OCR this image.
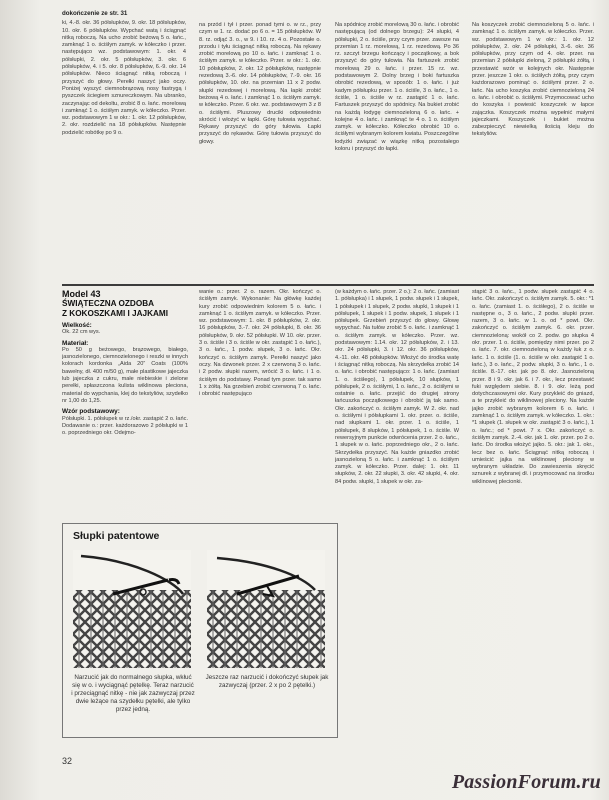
dokończenie ze str. 31

ki, 4.-8. okr. 36 półsłupków, 9. okr. 18 półsłupków, 10. okr. 6 półsłupków. Wypchać watą i ściągnąć nitką roboczą. Na ucho zrobić beżową 5 o. łańc., zamknąć 1 o. ściśłym zamyk. w kółeczko i przer. następująco wz. podstawowym: 1. okr. 4 półsłupki, 2. okr. 5 półsłupków, 3. okr. 6 półsłupków, 4. i 5. okr. 8 półsłupków, 6.-9. okr. 14 półsłupków. Nieco ściągnąć nitką roboczą i przyszyć do głowy. Perełki naszyć jako oczy. Poniżej wyszyć ciemnobrązową nosy fastrygą i pyszczek ściegiem sznureczkowym. Na ubranko, zaczynając od dekoltu, zrobić 8 o. łańc. morelową i zamknąć 1 o. ściśłym zamyk. w kółeczko. Przer. wz. podstawowym 1 w okr.: 1. okr. 12 półsłupków, 2. okr. rozdzielić na 18 półsłupków. Następnie podzielić robótkę po 9 o.

na przód i tył i przer. ponad tymi o. w rz., przy czym w 1. rz. dodać po 6 o. = 15 półsłupków. W 8. rz. odjąć 3. o., w 9. i 10. rz. 4 o. Pozostałe o. przodu i tyłu ściągnąć nitką roboczą. Na rękawy zrobić morelową po 10 o. łańc. i zamknąć 1 o. ściśłym zamyk. w kółeczko. Przer. w okr.: 1. okr. 10 półsłupków, 2. okr. 12 półsłupków, następnie rezedową 3.-6. okr. 14 półsłupków, 7.-9. okr. 16 półsłupków, 10. okr. na przemian 11 x 2 podw. słupki rezedowej i morelową. Na łapki zrobić beżową 4 o. łańc. i zamknąć 1 o. ściśłym zamyk. w kółeczko. Przer. 6 okr. wz. podstawowym 3 z 8 o. ściśłymi. Pluszowy druciki odpowiednio skrócić i włożyć w łapki. Górę tułowia wypchać. Rękawy przyszyć do góry tułowia. Łapki przyszyć do rękawów. Górę tułowia przyszyć do głowy.

Na spódnicę zrobić morelową 30 o. łańc. i obrobić następującą (od dolnego brzegu): 24 słupki, 4 półsłupki, 2 o. ściśle, przy czym przer. zawsze na przemian 1 rz. morelową, 1 rz. rezedową. Po 36 rz. szczyt brzegu kończący i początkowy, a bok przyszyć do góry tułowia. Na fartuszek zrobić morelową 29 o. łańc. i przer. 15 rz. wz. podstawowym 2. Dolny brzeg i boki fartuszka obrobić rezedową, w sposób: 1 o. łańc. i już kadym półsłupku przer. 1 o. ściśle, 3 o. łańc., 1 o. ściśle, 1 o. ściśle w rz. zastąpić 1 o. łańc. Fartuszek przyszyć do spódnicy. Na bukiet zrobić na każdą łodygę ciemnozieloną 6 o. łańc. + kolejne 4 o. łańc. i zamknąć te 4 o. 1 o. ściśłym zamyk. w kółeczko. Kółeczko obrobić 10 o. ściśłymi wybranym kolorem kwiatu. Poszczególne łodyżki związać w wiązkę nitką pozostałego koloru i przyszyć do łapki.

Na koszyczek zrobić ciemnozieloną 5 o. łańc. i zamknąć 1 o. ściśłym zamyk. w kółeczko. Przer. wz. podstawowym 1 w okr.: 1. okr. 12 półsłupków, 2. okr. 24 półsłupki, 3.-6. okr. 36 półsłupków, przy czym od 4. okr. przer. na przemian 2 półsłupki zieloną, 2 półsłupki żółtą, i przestawić wzór w kolejnych okr. Następnie przer. jeszcze 1 okr. o. ściśłych żółtą, przy czym każdorazowo pominąć o. ściśłymi przer. 2 o. łańc. Na ucho koszyka zrobić ciemnozieloną 24 o. łańc. i obrobić o. ściśłymi. Przymocować ucho do koszyka i powiesić koszyczek w łapce zajączka. Koszyczek można wypełnić małymi jajeczkami. Koszyczek i bukiet można zabezpieczyć niewielką ilością kleju do tekstyliów.

Model 43
ŚWIĄTECZNA OZDOBA
Z KOKOSZKAMI I JAJKAMI
Wielkość:

Ok. 22 cm wys.

Materiał:

Po 50 g beżowego, brązowego, białego, jasnozielonego, ciemnozielonego i reszki w innych kolorach kordonka „Aida 20” Coats (100% bawełny, dł. 400 m/50 g), małe plastikowe jajeczka lub jajeczka z cukru, małe niebieskie i zielone perełki, spłaszczona kulista wiklinowa pleciona, materiał do wypchania, klej do tekstyliów, szydełko nr 1,00 do 1,25.

Wzór podstawowy:

Półsłupki. 1. półsłupek w rz./okr. zastąpić 2 o. łańc. Dodawanie o.: przer. każdorazowo 2 półsłupki w 1 o. poprzedniego okr. Odejmo-

wanie o.: przer. 2 o. razem. Okr. kończyć o. ściśłym zamyk. Wykonanie: Na główkę każdej kury zrobić odpowiednim kolorem 5 o. łańc. i zamknąć 1 o. ściśłym zamyk. w kółeczko. Przer. wz. podstawowym: 1. okr. 8 półsłupków, 2. okr. 16 półsłupków, 3.-7. okr. 24 półsłupki, 8. okr. 36 półsłupków, 9. okr. 52 półsłupki. W 10. okr. przer. 3 o. ściśle i 3 o. ściśle w okr. zastąpić 1 o. łańc.), 3 o. łańc., 1 podw. słupek, 3 o. łańc. Okr. kończyć o. ściśłym zamyk. Perełki naszyć jako oczy. Na dzwonek przer. 2 x czerwoną 3 o. łańc. i 2 podw. słupki razem, wrócić 3 o. łańc. i 1 o. ściśłym do podstawy. Ponad tym przer. tak samo 1 x żółtą. Na grzebień zrobić czerwoną 7 o. łańc. i obrobić następująco

(w każdym o. łańc. przer. 2 o.): 2 o. łańc. (zamiast 1. półsłupka) i 1 słupek, 1 podw. słupek i 1 słupek, 1 półsłupek i 1 słupek, 2 podw. słupki, 1 słupek i 1 półsłupek, 1 słupek i 1 podw. słupek, 1 słupek i 1 półsłupek. Grzebień przyszyć do głowy. Głowę wypychać. Na tułów zrobić 5 o. łańc. i zamknąć 1 o. ściśłym zamyk. w kółeczko. Przer. wz. podstawowym: 1.14. okr. 12 półsłupków, 2. i 13. okr. 24 półsłupki, 3. i 12. okr. 36 półsłupków, 4.-11. okr. 48 półsłupków. Włożyć do środka watę i ściągnąć nitką roboczą. Na skrzydełka zrobić 14 o. łańc. i obrobić następująco: 1 o. łańc. (zamiast 1. o. ściśłego), 1 półsłupek, 10 słupków, 1 półsłupek, 2 o. ściśłymi, 1 o. łańc., 2 o. ściśłymi w ostatnie o. łańc. przejść do drugiej strony łańcuszka początkowego i obrobić ją tak samo. Okr. zakończyć o. ściśłym zamyk. W 2. okr. nad o. ściśłymi i półsłupkami 1. okr. przer. o. ściśle, nad słupkami 1. okr. przer. 1 o. ściśle, 1 półsłupek, 8 słupków, 1 półsłupek, 1 o. ściśle. W rewersyjnym punkcie odwrócenia przer. 2 o. łańc., 1 słupek w o. łańc. poprzedniego okr., 2 o. łańc. Skrzydełka przyszyć. Na każde gniazdko zrobić jasnozieloną 5 o. łańc. i zamknąć 1 o. ściśłym zamyk. w kółeczko. Przer. dalej: 1. okr. 11 słupków, 2. okr. 22 słupki, 3. okr. 42 słupki, 4. okr. 84 podw. słupki, 1 słupek w okr. za-

stąpić 3 o. łańc., 1 podw. słupek zastąpić 4 o. łańc. Okr. zakończyć o. ściśłym zamyk. 5. okr.: *1 o. łańc. (zamiast 1. o. ściśłego), 2 o. ściśle w następne o., 3 o. łańc., 2 podw. słupki przer. razem, 3 o. łańc. w 1. o. od * powt. Okr. zakończyć o. ściśłym zamyk. 6. okr. przer. ciemnozieloną: wokół co 2. podw. go słupka 4 okr. przer. 1 o. ściśle, pomiędzy nimi przer. po 2 o. łańc. 7. okr. ciemnozieloną w każdy łuk z o. łańc. 1 o. ściśle (1. o. ściśle w okr. zastąpić 1 o. łańc.), 3 o. łańc., 2 podw. słupki, 3 o. łańc., 1 o. ściśle. 8.-17. okr. jak po 8. okr. Jasnozieloną przer. 8 i 9. okr. jak 6. i 7. okr., lecz przestawić fuki względem siebie. 8. i 9. okr. leżą pod dotychczasowymi okr. Kury przykleić do gniazd, a te przykleić do wiklinowej pleciony. Na każde jajko zrobić wybranym kolorem 6 o. łańc. i zamknąć 1 o. ściśłym zamyk. w kółeczko. 1. okr.: *1 słupek (1. słupek w okr. zastąpić 3 o. łańc.), 1 o. łańc.; od * powt. 7 x. Okr. zakończyć o. ściśłym zamyk. 2.-4. okr. jak 1. okr. przer. po 2 o. łańc. Do środka włożyć jajko. 5. okr.: jak 1. okr., lecz bez o. łańc. Ściągnąć nitką roboczą i umieścić jajka na wiklinowej pleciony w wybranym układzie. Do zawieszenia skręcić sznurek z wybranej dł. i przymocować na środku wiklinowej plecionki.

Słupki patentowe
Narzucić jak do normalnego słupka, wkłuć się w o. i wyciągnąć pętelkę. Teraz narzucić i przeciągnąć nitkę - nie jak zazwyczaj przez dwie leżące na szydełku pętelki, ale tylko przez jedną.
Jeszcze raz narzucić i dokończyć słupek jak zazwyczaj (przer. 2 x po 2 pętelki.)
32
PassionForum.ru
